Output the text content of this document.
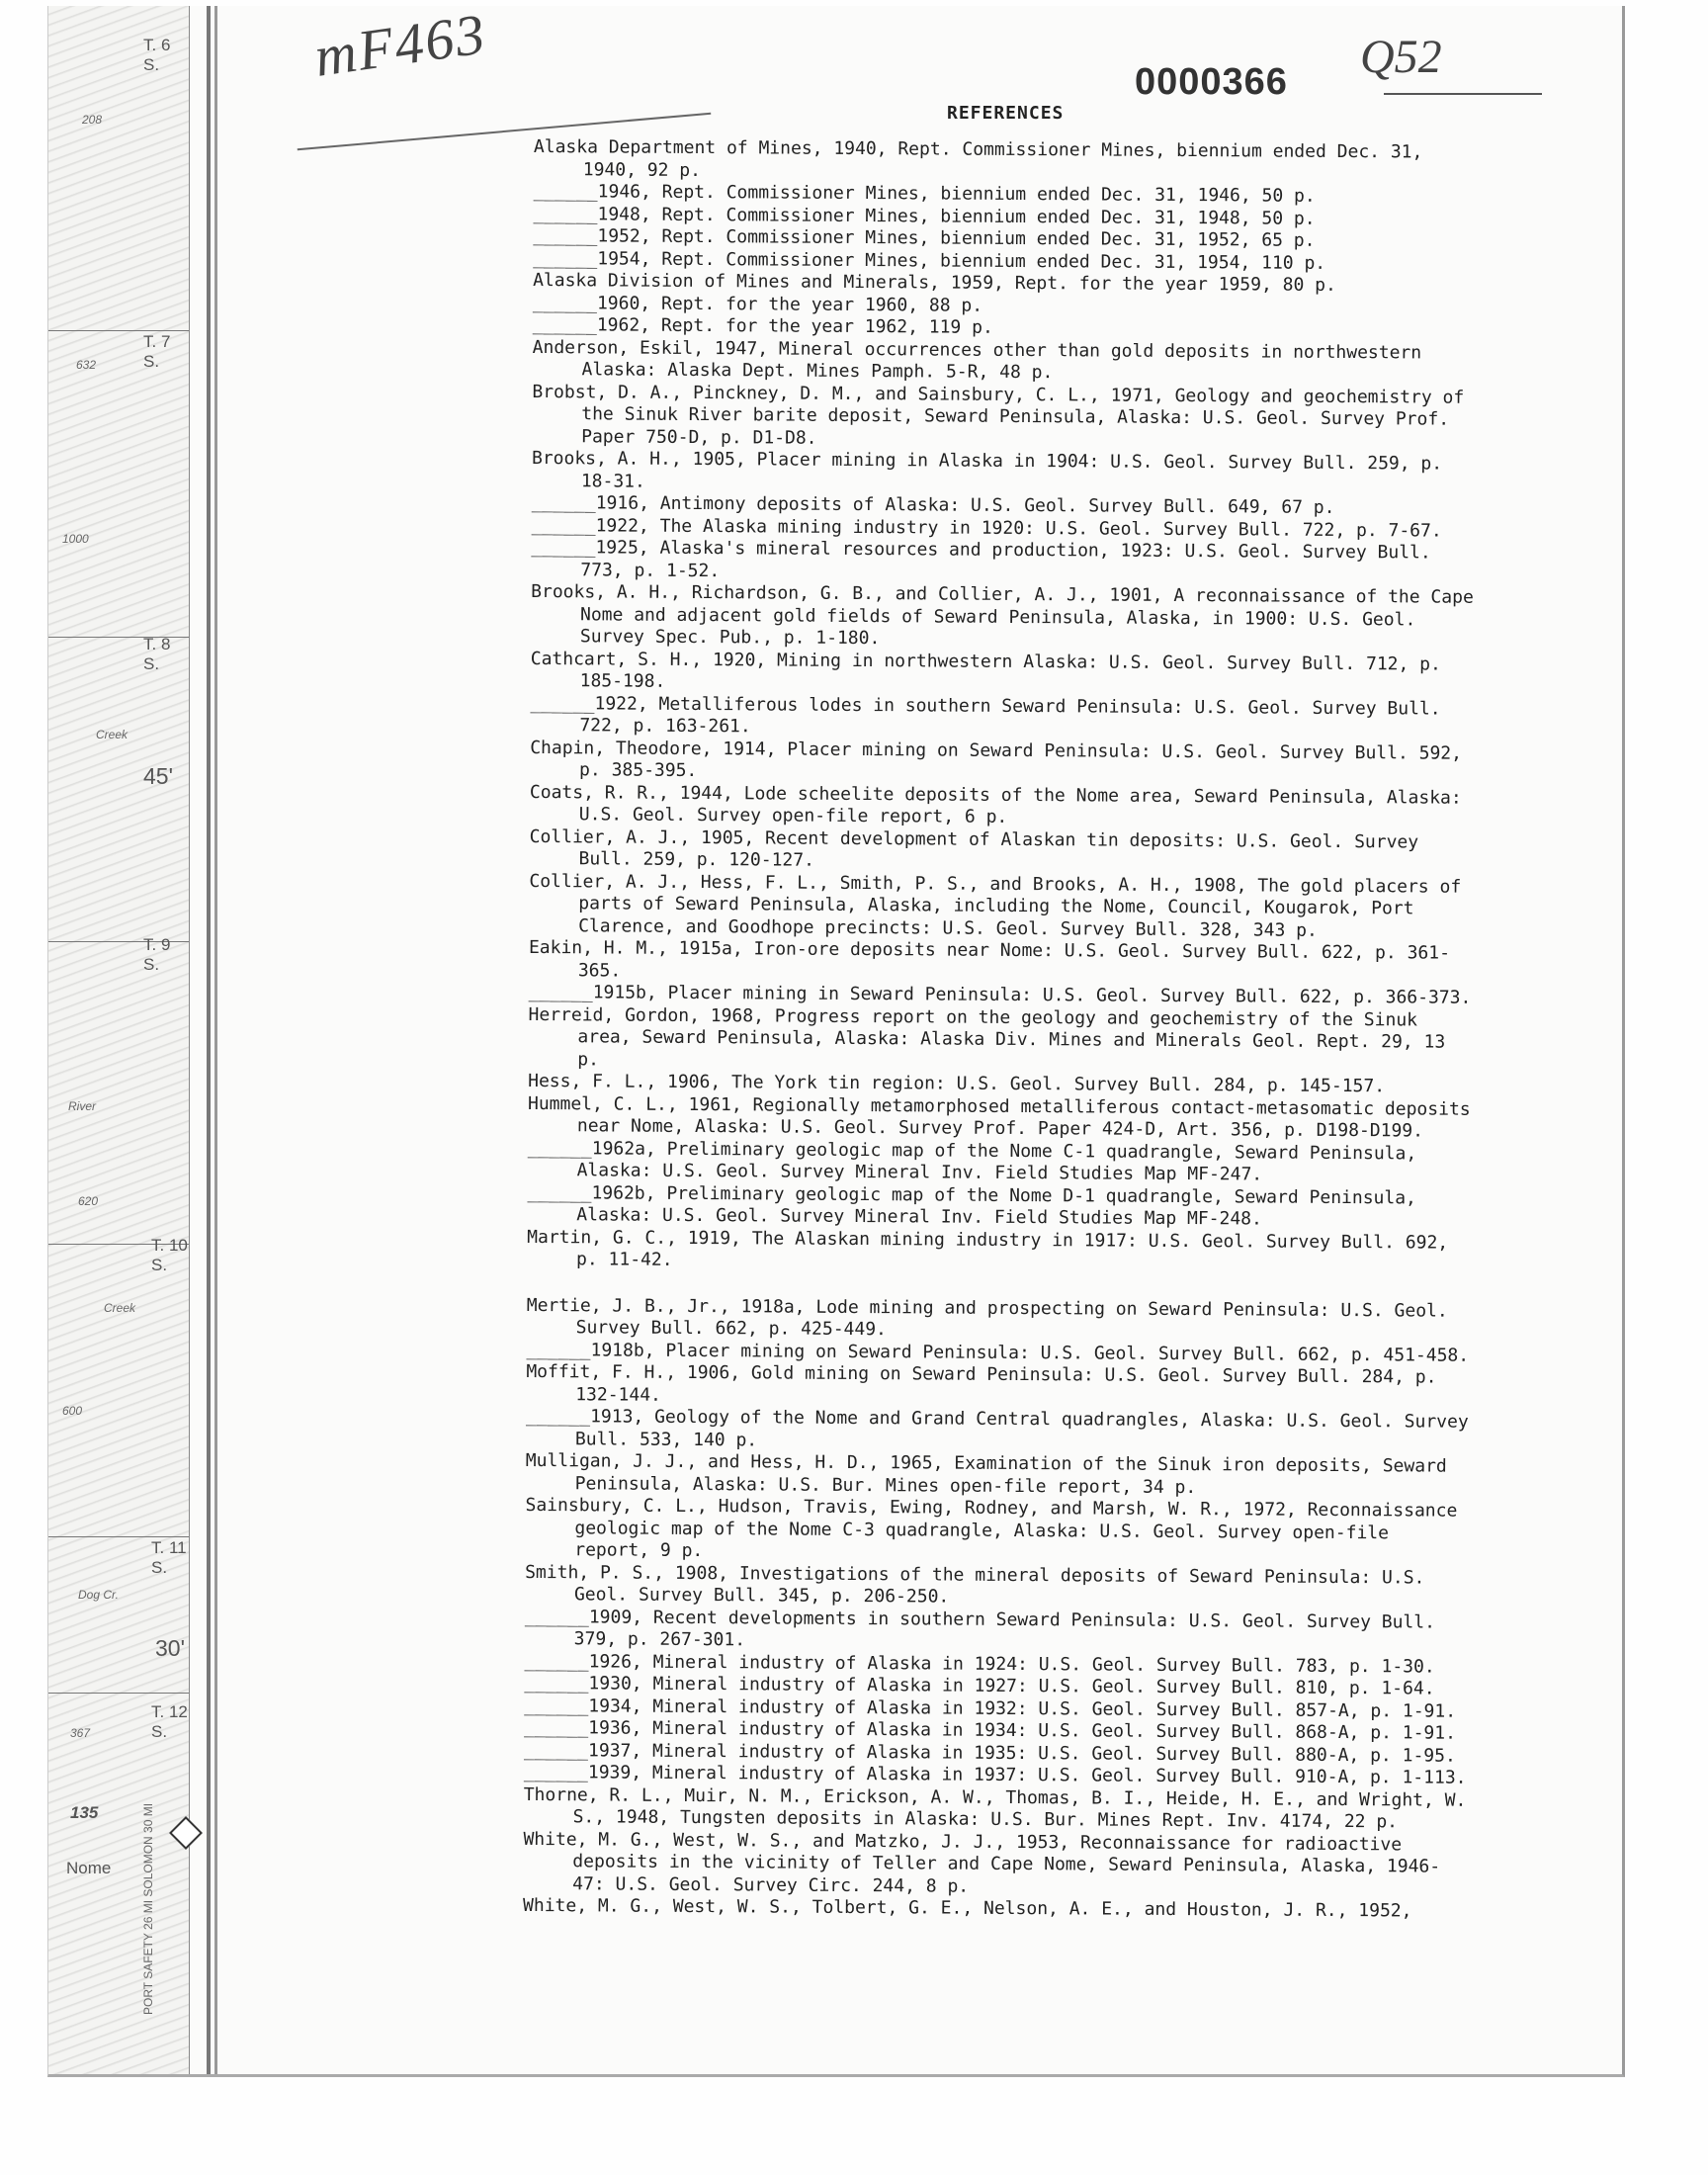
T. 6 S.
T. 7 S.
T. 8 S.
T. 9 S.
T. 10 S.
T. 11 S.
T. 12 S.
45'
30'
208
632
1000
620
600
367
Creek
River
Creek
Dog Cr.
135
Nome	PORT SAFETY 26 MI SOLOMON 30 MI
mF463	0000366 Q52
REFERENCES
Alaska Department of Mines, 1940, Rept. Commissioner Mines, biennium ended Dec. 31, 1940, 92 p.
______1946, Rept. Commissioner Mines, biennium ended Dec. 31, 1946, 50 p.
______1948, Rept. Commissioner Mines, biennium ended Dec. 31, 1948, 50 p.
______1952, Rept. Commissioner Mines, biennium ended Dec. 31, 1952, 65 p.
______1954, Rept. Commissioner Mines, biennium ended Dec. 31, 1954, 110 p.
Alaska Division of Mines and Minerals, 1959, Rept. for the year 1959, 80 p.
______1960, Rept. for the year 1960, 88 p.
______1962, Rept. for the year 1962, 119 p.
Anderson, Eskil, 1947, Mineral occurrences other than gold deposits in northwestern Alaska: Alaska Dept. Mines Pamph. 5-R, 48 p.
Brobst, D. A., Pinckney, D. M., and Sainsbury, C. L., 1971, Geology and geochemistry of the Sinuk River barite deposit, Seward Peninsula, Alaska: U.S. Geol. Survey Prof. Paper 750-D, p. D1-D8.
Brooks, A. H., 1905, Placer mining in Alaska in 1904: U.S. Geol. Survey Bull. 259, p. 18-31.
______1916, Antimony deposits of Alaska: U.S. Geol. Survey Bull. 649, 67 p.
______1922, The Alaska mining industry in 1920: U.S. Geol. Survey Bull. 722, p. 7-67.
______1925, Alaska's mineral resources and production, 1923: U.S. Geol. Survey Bull. 773, p. 1-52.
Brooks, A. H., Richardson, G. B., and Collier, A. J., 1901, A reconnaissance of the Cape Nome and adjacent gold fields of Seward Peninsula, Alaska, in 1900: U.S. Geol. Survey Spec. Pub., p. 1-180.
Cathcart, S. H., 1920, Mining in northwestern Alaska: U.S. Geol. Survey Bull. 712, p. 185-198.
______1922, Metalliferous lodes in southern Seward Peninsula: U.S. Geol. Survey Bull. 722, p. 163-261.
Chapin, Theodore, 1914, Placer mining on Seward Peninsula: U.S. Geol. Survey Bull. 592, p. 385-395.
Coats, R. R., 1944, Lode scheelite deposits of the Nome area, Seward Peninsula, Alaska: U.S. Geol. Survey open-file report, 6 p.
Collier, A. J., 1905, Recent development of Alaskan tin deposits: U.S. Geol. Survey Bull. 259, p. 120-127.
Collier, A. J., Hess, F. L., Smith, P. S., and Brooks, A. H., 1908, The gold placers of parts of Seward Peninsula, Alaska, including the Nome, Council, Kougarok, Port Clarence, and Goodhope precincts: U.S. Geol. Survey Bull. 328, 343 p.
Eakin, H. M., 1915a, Iron-ore deposits near Nome: U.S. Geol. Survey Bull. 622, p. 361-365.
______1915b, Placer mining in Seward Peninsula: U.S. Geol. Survey Bull. 622, p. 366-373.
Herreid, Gordon, 1968, Progress report on the geology and geochemistry of the Sinuk area, Seward Peninsula, Alaska: Alaska Div. Mines and Minerals Geol. Rept. 29, 13 p.
Hess, F. L., 1906, The York tin region: U.S. Geol. Survey Bull. 284, p. 145-157.
Hummel, C. L., 1961, Regionally metamorphosed metalliferous contact-metasomatic deposits near Nome, Alaska: U.S. Geol. Survey Prof. Paper 424-D, Art. 356, p. D198-D199.
______1962a, Preliminary geologic map of the Nome C-1 quadrangle, Seward Peninsula, Alaska: U.S. Geol. Survey Mineral Inv. Field Studies Map MF-247.
______1962b, Preliminary geologic map of the Nome D-1 quadrangle, Seward Peninsula, Alaska: U.S. Geol. Survey Mineral Inv. Field Studies Map MF-248.
Martin, G. C., 1919, The Alaskan mining industry in 1917: U.S. Geol. Survey Bull. 692, p. 11-42.
Mertie, J. B., Jr., 1918a, Lode mining and prospecting on Seward Peninsula: U.S. Geol. Survey Bull. 662, p. 425-449.
______1918b, Placer mining on Seward Peninsula: U.S. Geol. Survey Bull. 662, p. 451-458.
Moffit, F. H., 1906, Gold mining on Seward Peninsula: U.S. Geol. Survey Bull. 284, p. 132-144.
______1913, Geology of the Nome and Grand Central quadrangles, Alaska: U.S. Geol. Survey Bull. 533, 140 p.
Mulligan, J. J., and Hess, H. D., 1965, Examination of the Sinuk iron deposits, Seward Peninsula, Alaska: U.S. Bur. Mines open-file report, 34 p.
Sainsbury, C. L., Hudson, Travis, Ewing, Rodney, and Marsh, W. R., 1972, Reconnaissance geologic map of the Nome C-3 quadrangle, Alaska: U.S. Geol. Survey open-file report, 9 p.
Smith, P. S., 1908, Investigations of the mineral deposits of Seward Peninsula: U.S. Geol. Survey Bull. 345, p. 206-250.
______1909, Recent developments in southern Seward Peninsula: U.S. Geol. Survey Bull. 379, p. 267-301.
______1926, Mineral industry of Alaska in 1924: U.S. Geol. Survey Bull. 783, p. 1-30.
______1930, Mineral industry of Alaska in 1927: U.S. Geol. Survey Bull. 810, p. 1-64.
______1934, Mineral industry of Alaska in 1932: U.S. Geol. Survey Bull. 857-A, p. 1-91.
______1936, Mineral industry of Alaska in 1934: U.S. Geol. Survey Bull. 868-A, p. 1-91.
______1937, Mineral industry of Alaska in 1935: U.S. Geol. Survey Bull. 880-A, p. 1-95.
______1939, Mineral industry of Alaska in 1937: U.S. Geol. Survey Bull. 910-A, p. 1-113.
Thorne, R. L., Muir, N. M., Erickson, A. W., Thomas, B. I., Heide, H. E., and Wright, W. S., 1948, Tungsten deposits in Alaska: U.S. Bur. Mines Rept. Inv. 4174, 22 p.
White, M. G., West, W. S., and Matzko, J. J., 1953, Reconnaissance for radioactive deposits in the vicinity of Teller and Cape Nome, Seward Peninsula, Alaska, 1946-47: U.S. Geol. Survey Circ. 244, 8 p.
White, M. G., West, W. S., Tolbert, G. E., Nelson, A. E., and Houston, J. R., 1952,
